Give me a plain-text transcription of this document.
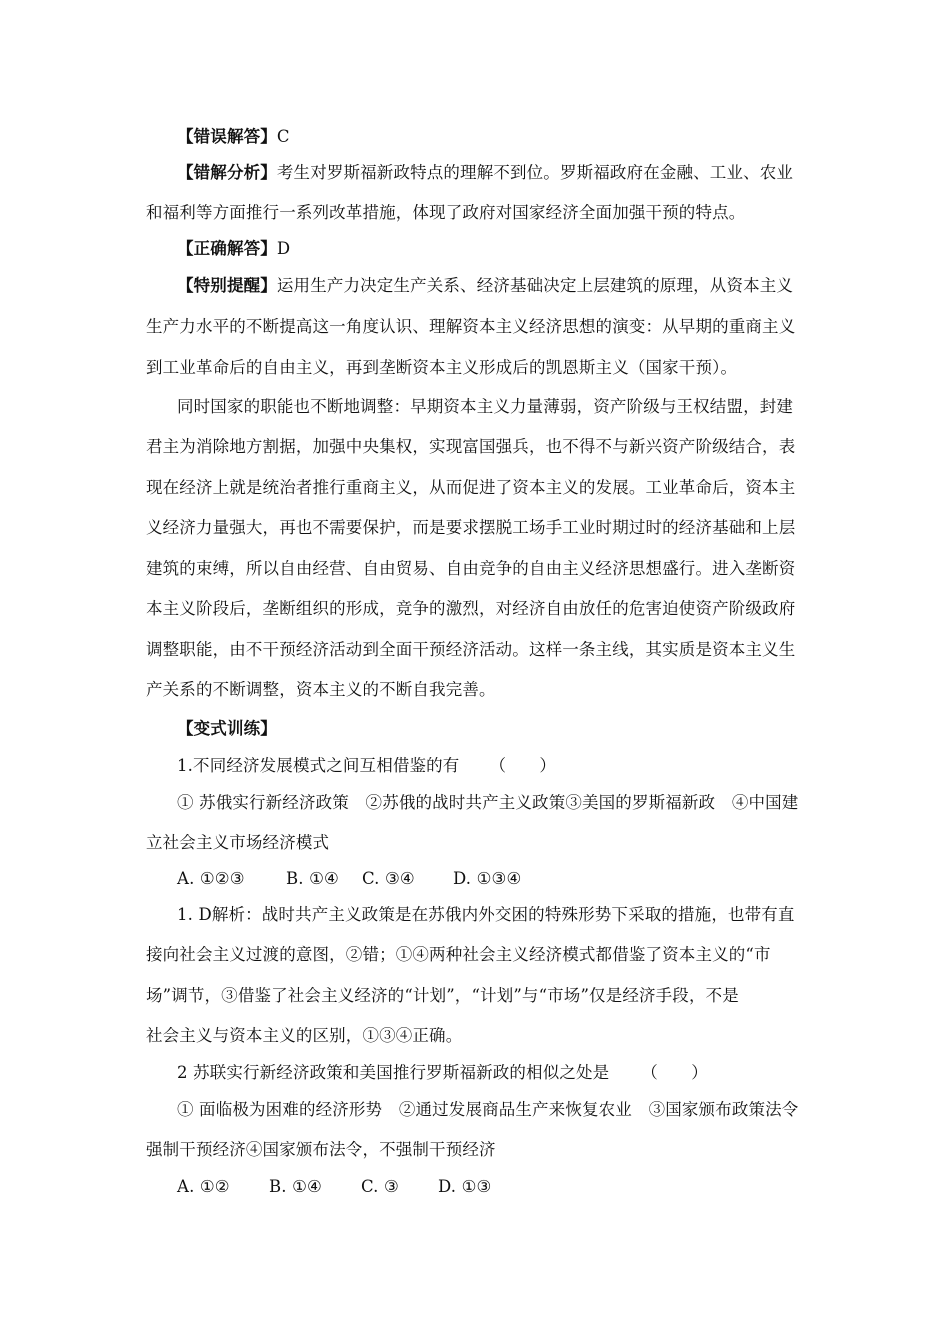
【错误解答】C
【错解分析】考生对罗斯福新政特点的理解不到位。罗斯福政府在金融、工业、农业
和福利等方面推行一系列改革措施，体现了政府对国家经济全面加强干预的特点。
【正确解答】D
【特别提醒】运用生产力决定生产关系、经济基础决定上层建筑的原理，从资本主义
生产力水平的不断提高这一角度认识、理解资本主义经济思想的演变：从早期的重商主义
到工业革命后的自由主义，再到垄断资本主义形成后的凯恩斯主义（国家干预）。
同时国家的职能也不断地调整：早期资本主义力量薄弱，资产阶级与王权结盟，封建
君主为消除地方割据，加强中央集权，实现富国强兵，也不得不与新兴资产阶级结合，表
现在经济上就是统治者推行重商主义，从而促进了资本主义的发展。工业革命后，资本主
义经济力量强大，再也不需要保护，而是要求摆脱工场手工业时期过时的经济基础和上层
建筑的束缚，所以自由经营、自由贸易、自由竞争的自由主义经济思想盛行。进入垄断资
本主义阶段后，垄断组织的形成，竞争的激烈，对经济自由放任的危害迫使资产阶级政府
调整职能，由不干预经济活动到全面干预经济活动。这样一条主线，其实质是资本主义生
产关系的不断调整，资本主义的不断自我完善。
【变式训练】
1.不同经济发展模式之间互相借鉴的有 （　　）
① 苏俄实行新经济政策　②苏俄的战时共产主义政策③美国的罗斯福新政　④中国建
立社会主义市场经济模式
A. ①②③	B. ①④ C. ③④ D. ①③④
1. D解析：战时共产主义政策是在苏俄内外交困的特殊形势下采取的措施，也带有直
接向社会主义过渡的意图，②错；①④两种社会主义经济模式都借鉴了资本主义的“市
场”调节，③借鉴了社会主义经济的“计划”，“计划”与“市场”仅是经济手段，不是
社会主义与资本主义的区别，①③④正确。
2 苏联实行新经济政策和美国推行罗斯福新政的相似之处是 （　　）
① 面临极为困难的经济形势　②通过发展商品生产来恢复农业　③国家颁布政策法令
强制干预经济④国家颁布法令，不强制干预经济
A. ①② B. ①④ C. ③ D. ①③
